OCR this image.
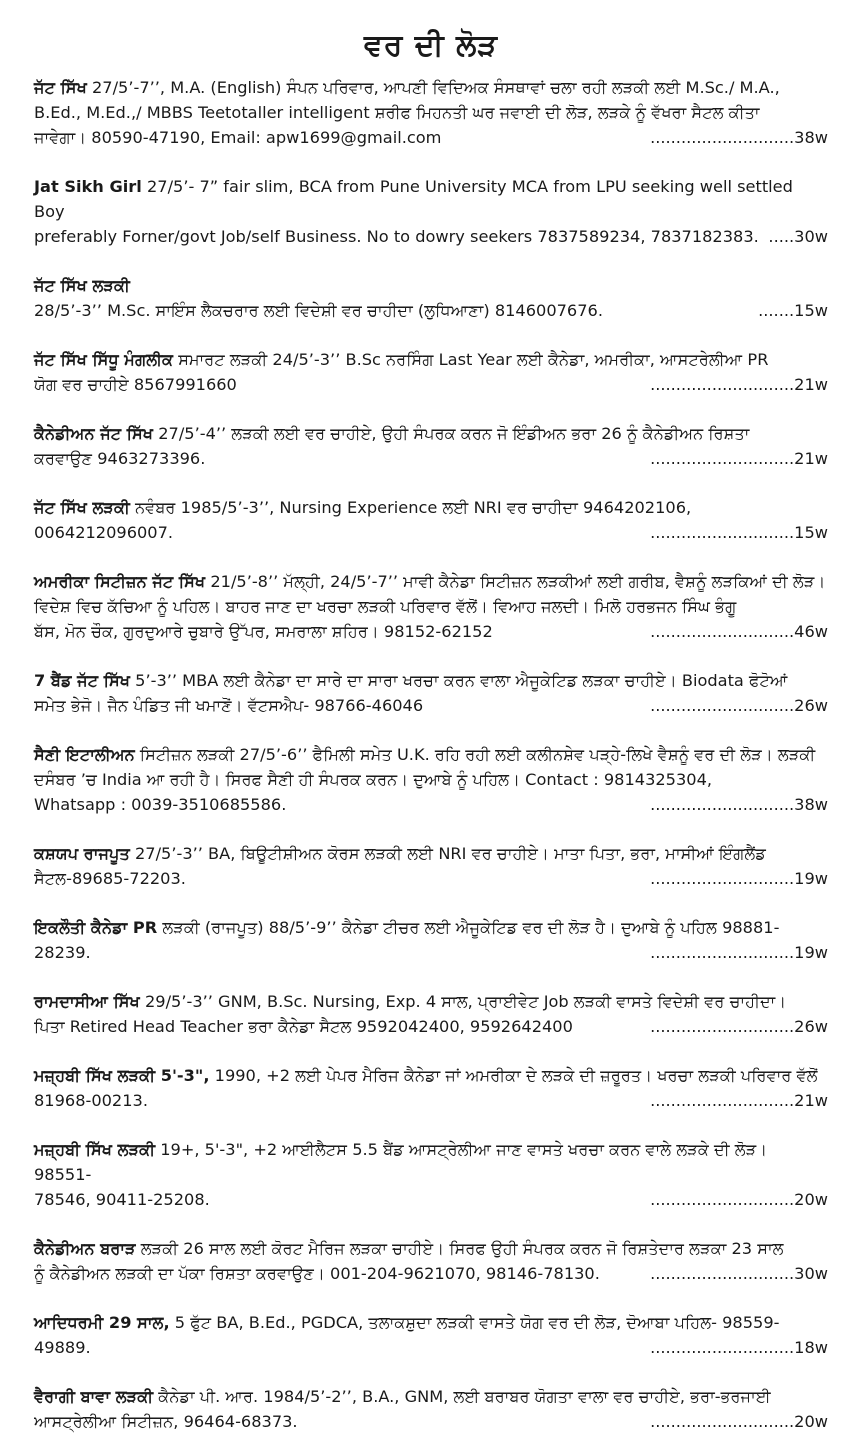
ਵਰ ਦੀ ਲੋੜ
ਜੱਟ ਸਿੱਖ 27/5’-7’’, M.A. (English) ਸੰਪਨ ਪਰਿਵਾਰ, ਆਪਣੀ ਵਿਦਿਅਕ ਸੰਸਥਾਵਾਂ ਚਲਾ ਰਹੀ ਲੜਕੀ ਲਈ M.Sc./ M.A., B.Ed., M.Ed.,/ MBBS Teetotaller intelligent ਸ਼ਰੀਫ ਮਿਹਨਤੀ ਘਰ ਜਵਾਈ ਦੀ ਲੋੜ, ਲੜਕੇ ਨੂੰ ਵੱਖਰਾ ਸੈਟਲ ਕੀਤਾ
ਜਾਵੇਗਾ। 80590-47190, Email: apw1699@gmail.com	............................38w
Jat Sikh Girl 27/5’- 7” fair slim, BCA from Pune University MCA from LPU seeking well settled Boy
preferably Forner/govt Job/self Business. No to dowry seekers 7837589234, 7837182383. .....30w
ਜੱਟ ਸਿੱਖ ਲੜਕੀ
28/5’-3’’ M.Sc. ਸਾਇੰਸ ਲੈਕਚਰਾਰ ਲਈ ਵਿਦੇਸ਼ੀ ਵਰ ਚਾਹੀਦਾ (ਲੁਧਿਆਣਾ) 8146007676.	.......15w
ਜੱਟ ਸਿੱਖ ਸਿੱਧੂ ਮੰਗਲੀਕ ਸਮਾਰਟ ਲੜਕੀ 24/5’-3’’ B.Sc ਨਰਸਿੰਗ Last Year ਲਈ ਕੈਨੇਡਾ, ਅਮਰੀਕਾ, ਆਸਟਰੇਲੀਆ PR
ਯੋਗ ਵਰ ਚਾਹੀਏ 8567991660	............................21w
ਕੈਨੇਡੀਅਨ ਜੱਟ ਸਿੱਖ 27/5’-4’’ ਲੜਕੀ ਲਈ ਵਰ ਚਾਹੀਏ, ਉਹੀ ਸੰਪਰਕ ਕਰਨ ਜੋ ਇੰਡੀਅਨ ਭਰਾ 26 ਨੂੰ ਕੈਨੇਡੀਅਨ ਰਿਸ਼ਤਾ
ਕਰਵਾਉਣ 9463273396.	............................21w
ਜੱਟ ਸਿੱਖ ਲੜਕੀ ਨਵੰਬਰ 1985/5’-3’’, Nursing Experience ਲਈ NRI ਵਰ ਚਾਹੀਦਾ 9464202106,
0064212096007.	............................15w
ਅਮਰੀਕਾ ਸਿਟੀਜ਼ਨ ਜੱਟ ਸਿੱਖ 21/5’-8’’ ਮੱਲ੍ਹੀ, 24/5’-7’’ ਮਾਵੀ ਕੈਨੇਡਾ ਸਿਟੀਜ਼ਨ ਲੜਕੀਆਂ ਲਈ ਗਰੀਬ, ਵੈਸ਼ਨੂੰ ਲੜਕਿਆਂ ਦੀ ਲੋੜ। ਵਿਦੇਸ਼ ਵਿਚ ਕੱਚਿਆ ਨੂੰ ਪਹਿਲ। ਬਾਹਰ ਜਾਣ ਦਾ ਖਰਚਾ ਲੜਕੀ ਪਰਿਵਾਰ ਵੱਲੋਂ। ਵਿਆਹ ਜਲਦੀ। ਮਿਲੋ ਹਰਭਜਨ ਸਿੰਘ ਭੰਗੂ
ਬੱਸ, ਮੋਨ ਚੌਕ, ਗੁਰਦੁਆਰੇ ਚੁਬਾਰੇ ਉੱਪਰ, ਸਮਰਾਲਾ ਸ਼ਹਿਰ। 98152-62152	............................46w
7 ਬੈਂਡ ਜੱਟ ਸਿੱਖ 5’-3’’ MBA ਲਈ ਕੈਨੇਡਾ ਦਾ ਸਾਰੇ ਦਾ ਸਾਰਾ ਖਰਚਾ ਕਰਨ ਵਾਲਾ ਐਜੂਕੇਟਿਡ ਲੜਕਾ ਚਾਹੀਏ। Biodata ਫੋਟੋਆਂ
ਸਮੇਤ ਭੇਜੋ। ਜੈਨ ਪੰਡਿਤ ਜੀ ਖਮਾਣੋਂ। ਵੱਟਸਐਪ- 98766-46046	............................26w
ਸੈਣੀ ਇਟਾਲੀਅਨ ਸਿਟੀਜ਼ਨ ਲੜਕੀ 27/5’-6’’ ਫੈਮਿਲੀ ਸਮੇਤ U.K. ਰਹਿ ਰਹੀ ਲਈ ਕਲੀਨਸ਼ੇਵ ਪੜ੍ਹੇ-ਲਿਖੇ ਵੈਸ਼ਨੂੰ ਵਰ ਦੀ ਲੋੜ। ਲੜਕੀ ਦਸੰਬਰ ’ਚ India ਆ ਰਹੀ ਹੈ। ਸਿਰਫ ਸੈਣੀ ਹੀ ਸੰਪਰਕ ਕਰਨ। ਦੁਆਬੇ ਨੂੰ ਪਹਿਲ। Contact : 9814325304,
Whatsapp : 0039-3510685586.	............................38w
ਕਸ਼ਯਪ ਰਾਜਪੂਤ 27/5’-3’’ BA, ਬਿਊਟੀਸ਼ੀਅਨ ਕੋਰਸ ਲੜਕੀ ਲਈ NRI ਵਰ ਚਾਹੀਏ। ਮਾਤਾ ਪਿਤਾ, ਭਰਾ, ਮਾਸੀਆਂ ਇੰਗਲੈਂਡ
ਸੈਟਲ-89685-72203.	............................19w
ਇਕਲੌਤੀ ਕੈਨੇਡਾ PR ਲੜਕੀ (ਰਾਜਪੂਤ) 88/5’-9’’ ਕੈਨੇਡਾ ਟੀਚਰ ਲਈ ਐਜੂਕੇਟਿਡ ਵਰ ਦੀ ਲੋੜ ਹੈ। ਦੁਆਬੇ ਨੂੰ ਪਹਿਲ 98881-
28239.	............................19w
ਰਾਮਦਾਸੀਆ ਸਿੱਖ 29/5’-3’’ GNM, B.Sc. Nursing, Exp. 4 ਸਾਲ, ਪ੍ਰਾਈਵੇਟ Job ਲੜਕੀ ਵਾਸਤੇ ਵਿਦੇਸ਼ੀ ਵਰ ਚਾਹੀਦਾ।
ਪਿਤਾ Retired Head Teacher ਭਰਾ ਕੈਨੇਡਾ ਸੈਟਲ 9592042400, 9592642400	............................26w
ਮਜ਼੍ਹਬੀ ਸਿੱਖ ਲੜਕੀ 5'-3", 1990, +2 ਲਈ ਪੇਪਰ ਮੈਰਿਜ ਕੈਨੇਡਾ ਜਾਂ ਅਮਰੀਕਾ ਦੇ ਲੜਕੇ ਦੀ ਜ਼ਰੂਰਤ। ਖਰਚਾ ਲੜਕੀ ਪਰਿਵਾਰ ਵੱਲੋਂ
81968-00213.	............................21w
ਮਜ਼੍ਹਬੀ ਸਿੱਖ ਲੜਕੀ 19+, 5'-3", +2 ਆਈਲੈਟਸ 5.5 ਬੈਂਡ ਆਸਟ੍ਰੇਲੀਆ ਜਾਣ ਵਾਸਤੇ ਖਰਚਾ ਕਰਨ ਵਾਲੇ ਲੜਕੇ ਦੀ ਲੋੜ। 98551-
78546, 90411-25208.	............................20w
ਕੈਨੇਡੀਅਨ ਬਰਾੜ ਲੜਕੀ 26 ਸਾਲ ਲਈ ਕੋਰਟ ਮੈਰਿਜ ਲੜਕਾ ਚਾਹੀਏ। ਸਿਰਫ ਉਹੀ ਸੰਪਰਕ ਕਰਨ ਜੋ ਰਿਸ਼ਤੇਦਾਰ ਲੜਕਾ 23 ਸਾਲ
ਨੂੰ ਕੈਨੇਡੀਅਨ ਲੜਕੀ ਦਾ ਪੱਕਾ ਰਿਸ਼ਤਾ ਕਰਵਾਉਣ। 001-204-9621070, 98146-78130.	............................30w
ਆਦਿਧਰਮੀ 29 ਸਾਲ, 5 ਫੁੱਟ BA, B.Ed., PGDCA, ਤਲਾਕਸ਼ੁਦਾ ਲੜਕੀ ਵਾਸਤੇ ਯੋਗ ਵਰ ਦੀ ਲੋੜ, ਦੋਆਬਾ ਪਹਿਲ- 98559-
49889.	............................18w
ਵੈਰਾਗੀ ਬਾਵਾ ਲੜਕੀ ਕੈਨੇਡਾ ਪੀ. ਆਰ. 1984/5’-2’’, B.A., GNM, ਲਈ ਬਰਾਬਰ ਯੋਗਤਾ ਵਾਲਾ ਵਰ ਚਾਹੀਏ, ਭਰਾ-ਭਰਜਾਈ
ਆਸਟ੍ਰੇਲੀਆ ਸਿਟੀਜ਼ਨ, 96464-68373.	............................20w
